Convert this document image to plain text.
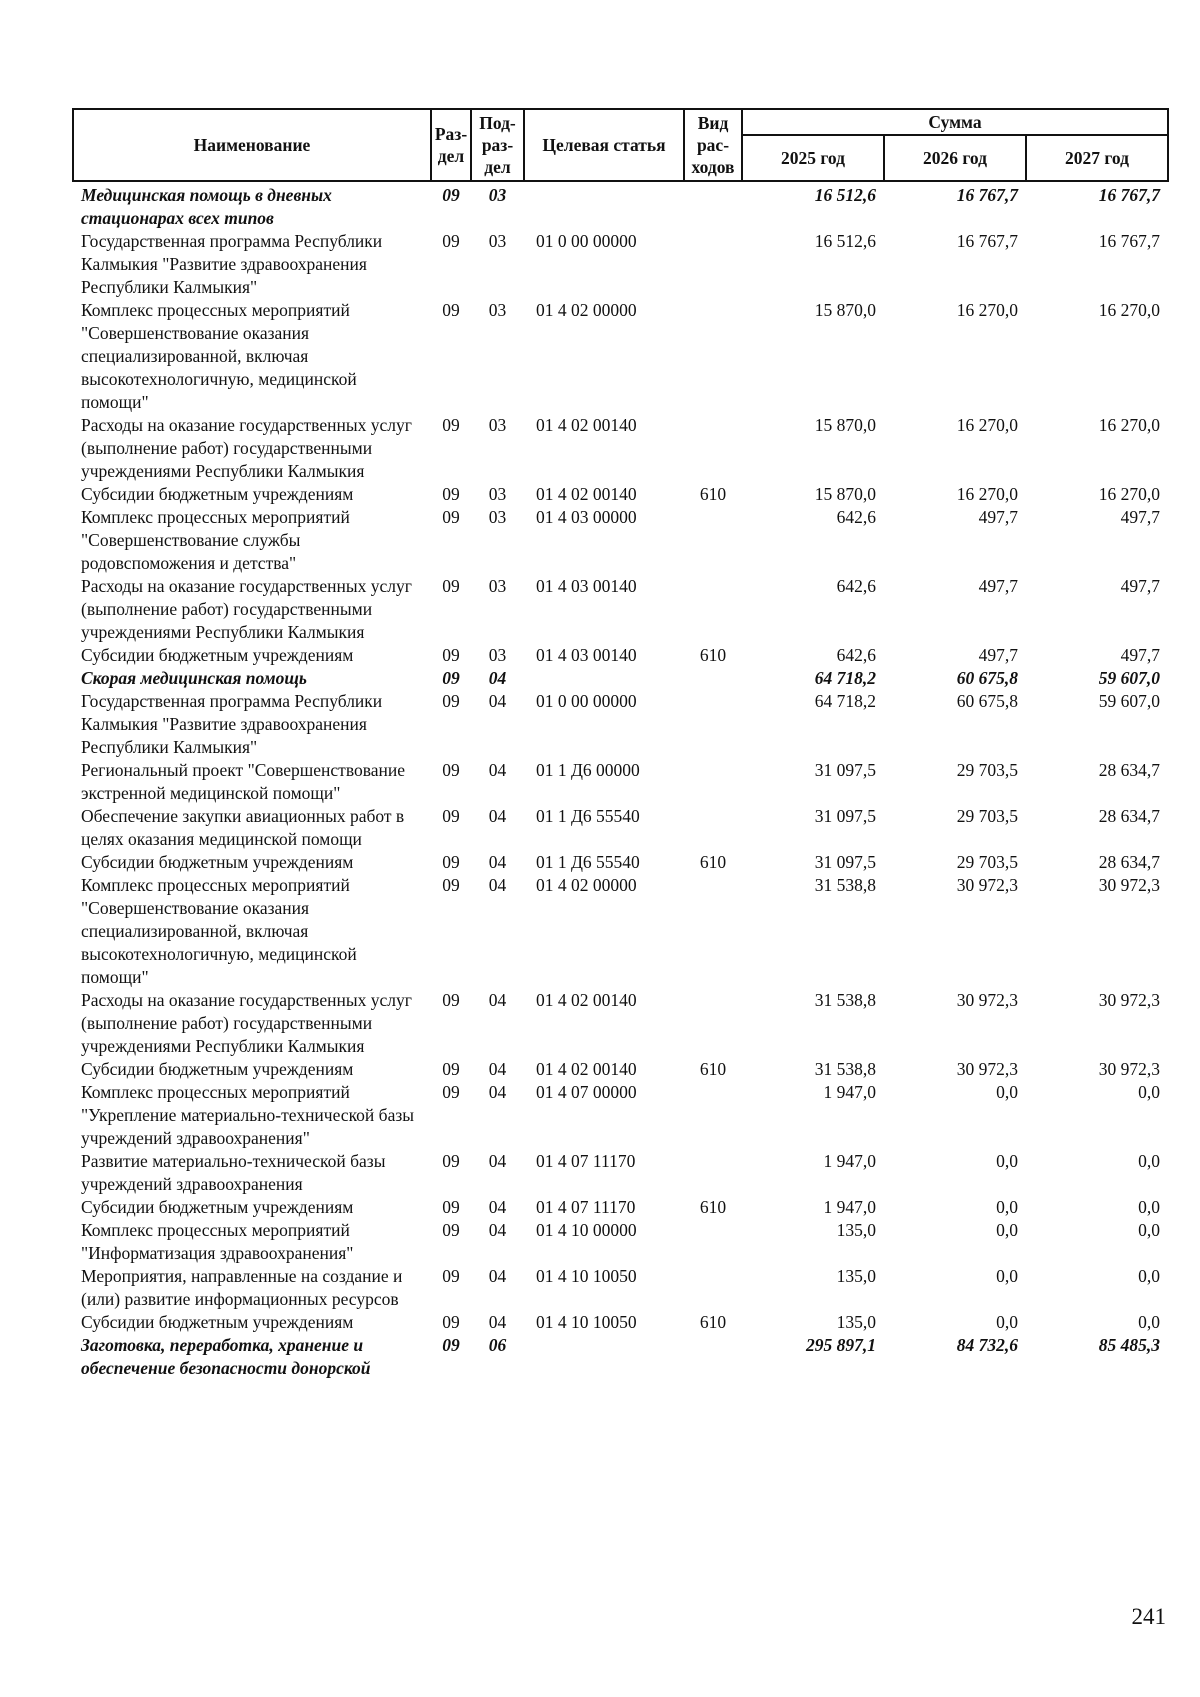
Наименование	Раз-дел	Под-раз-дел	Целевая статья	Вид рас-ходов	Сумма		
					2025 год	2026 год	2027 год
Медицинская помощь в дневных стационарах всех типов	09	03			16 512,6	16 767,7	16 767,7
Государственная программа Республики Калмыкия "Развитие здравоохранения Республики Калмыкия"	09	03	01 0 00 00000		16 512,6	16 767,7	16 767,7
Комплекс процессных мероприятий "Совершенствование оказания специализированной, включая высокотехнологичную, медицинской помощи"	09	03	01 4 02 00000		15 870,0	16 270,0	16 270,0
Расходы на оказание государственных услуг (выполнение работ) государственными учреждениями Республики Калмыкия	09	03	01 4 02 00140		15 870,0	16 270,0	16 270,0
Субсидии бюджетным учреждениям	09	03	01 4 02 00140	610	15 870,0	16 270,0	16 270,0
Комплекс процессных мероприятий "Совершенствование службы родовспоможения и детства"	09	03	01 4 03 00000		642,6	497,7	497,7
Расходы на оказание государственных услуг (выполнение работ) государственными учреждениями Республики Калмыкия	09	03	01 4 03 00140		642,6	497,7	497,7
Субсидии бюджетным учреждениям	09	03	01 4 03 00140	610	642,6	497,7	497,7
Скорая медицинская помощь	09	04			64 718,2	60 675,8	59 607,0
Государственная программа Республики Калмыкия "Развитие здравоохранения Республики Калмыкия"	09	04	01 0 00 00000		64 718,2	60 675,8	59 607,0
Региональный проект "Совершенствование экстренной медицинской помощи"	09	04	01 1 Д6 00000		31 097,5	29 703,5	28 634,7
Обеспечение закупки авиационных работ в целях оказания медицинской помощи	09	04	01 1 Д6 55540		31 097,5	29 703,5	28 634,7
Субсидии бюджетным учреждениям	09	04	01 1 Д6 55540	610	31 097,5	29 703,5	28 634,7
Комплекс процессных мероприятий "Совершенствование оказания специализированной, включая высокотехнологичную, медицинской помощи"	09	04	01 4 02 00000		31 538,8	30 972,3	30 972,3
Расходы на оказание государственных услуг (выполнение работ) государственными учреждениями Республики Калмыкия	09	04	01 4 02 00140		31 538,8	30 972,3	30 972,3
Субсидии бюджетным учреждениям	09	04	01 4 02 00140	610	31 538,8	30 972,3	30 972,3
Комплекс процессных мероприятий "Укрепление материально-технической базы учреждений здравоохранения"	09	04	01 4 07 00000		1 947,0	0,0	0,0
Развитие материально-технической базы учреждений здравоохранения	09	04	01 4 07 11170		1 947,0	0,0	0,0
Субсидии бюджетным учреждениям	09	04	01 4 07 11170	610	1 947,0	0,0	0,0
Комплекс процессных мероприятий "Информатизация здравоохранения"	09	04	01 4 10 00000		135,0	0,0	0,0
Мероприятия, направленные на создание и (или) развитие информационных ресурсов	09	04	01 4 10 10050		135,0	0,0	0,0
Субсидии бюджетным учреждениям	09	04	01 4 10 10050	610	135,0	0,0	0,0
Заготовка, переработка, хранение и обеспечение безопасности донорской	09	06			295 897,1	84 732,6	85 485,3
241
